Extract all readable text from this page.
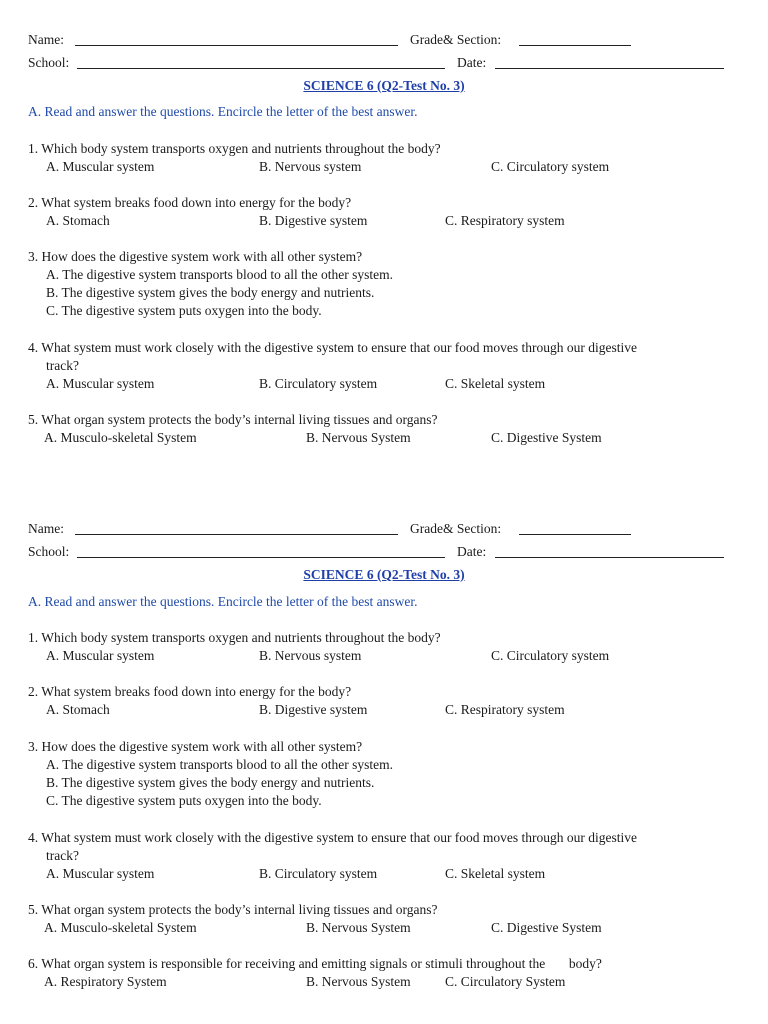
Name:	Grade& Section:
School:	Date:
SCIENCE 6 (Q2-Test No. 3)
A. Read and answer the questions. Encircle the letter of the best answer.
1. Which body system transports oxygen and nutrients throughout the body?
A. Muscular system	B. Nervous system	C. Circulatory system
2. What system breaks food down into energy for the body?
A. Stomach	B. Digestive system	C. Respiratory system
3. How does the digestive system work with all other system?
A. The digestive system transports blood to all the other system.
B. The digestive system gives the body energy and nutrients.
C. The digestive system puts oxygen into the body.
4. What system must work closely with the digestive system to ensure that our food moves through our digestive
track?
A. Muscular system	B. Circulatory system	C. Skeletal system
5. What organ system protects the body’s internal living tissues and organs?
A. Musculo-skeletal System	B. Nervous System	C. Digestive System
Name:	Grade& Section:
School:	Date:
SCIENCE 6 (Q2-Test No. 3)
A. Read and answer the questions. Encircle the letter of the best answer.
1. Which body system transports oxygen and nutrients throughout the body?
A. Muscular system	B. Nervous system	C. Circulatory system
2. What system breaks food down into energy for the body?
A. Stomach	B. Digestive system	C. Respiratory system
3. How does the digestive system work with all other system?
A. The digestive system transports blood to all the other system.
B. The digestive system gives the body energy and nutrients.
C. The digestive system puts oxygen into the body.
4. What system must work closely with the digestive system to ensure that our food moves through our digestive
track?
A. Muscular system	B. Circulatory system	C. Skeletal system
5. What organ system protects the body’s internal living tissues and organs?
A. Musculo-skeletal System	B. Nervous System	C. Digestive System
6. What organ system is responsible for receiving and emitting signals or stimuli throughout the       body?
A. Respiratory System	B. Nervous System	C. Circulatory System
